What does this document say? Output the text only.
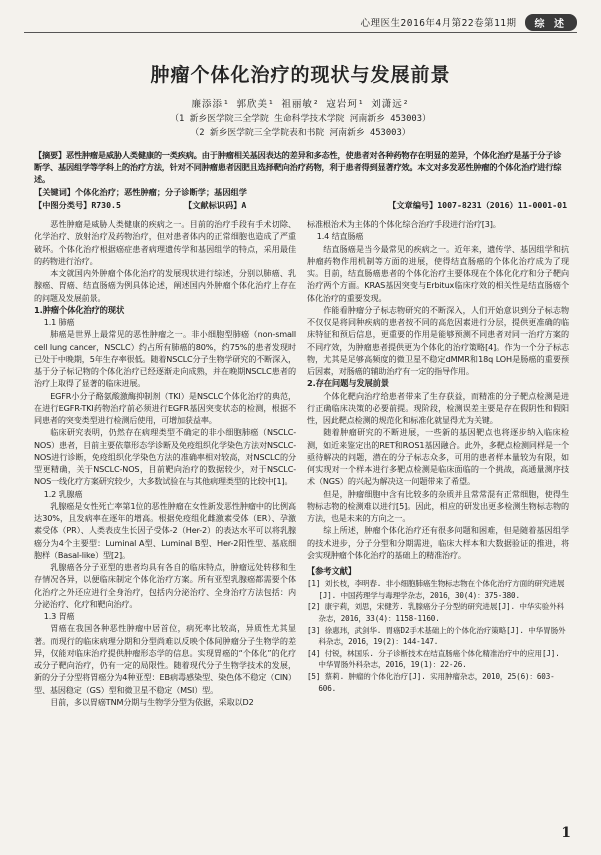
心理医生2016年4月第22卷第11期	综 述
肿瘤个体化治疗的现状与发展前景
廉添添¹ 郭欣美¹ 祖丽敏² 寇岩珂¹ 刘潇远²
（1 新乡医学院三全学院 生命科学技术学院 河南新乡 453003）
（2 新乡医学院三全学院表和书院 河南新乡 453003）
【摘要】恶性肿瘤是威胁人类健康的一类疾病。由于肿瘤相关基因表达的差异和多态性，使患者对各种药物存在明显的差异，个体化治疗是基于分子诊断学、基因组学等学科上的治疗方法，针对不同肿瘤患者因肥且选择靶向治疗药物，利于患者得到显著疗效。本文对多发恶性肿瘤的个体化治疗进行综述。
【关键词】个体化治疗；恶性肿瘤；分子诊断学；基因组学
【中图分类号】R730.5	【文献标识码】A	【文章编号】1007-8231（2016）11-0001-01

恶性肿瘤是威胁人类健康的疾病之一。目前的治疗手段有手术切除、化学治疗、放射治疗及药物治疗，但对患者体内的正常细胞也造成了严重破坏。个体化治疗根据癌症患者病理遗传学和基因组学的特点，采用最佳的药物进行治疗。

本文就国内外肿瘤个体化治疗的发展现状进行综述，分别以肺癌、乳腺癌、胃癌、结直肠癌为例具体论述，阐述国内外肿瘤个体化治疗上存在的问题及发展前景。

1.肿瘤个体化治疗的现状
1.1 肺癌

肺癌是世界上最常见的恶性肿瘤之一。非小细胞型肺癌（non-small cell lung cancer，NSCLC）约占所有肺癌的80%，约75%的患者发现时已处于中晚期，5年生存率很低。随着NSCLC分子生物学研究的不断深入，基于分子标记物的个体化治疗已经逐渐走向成熟，并在晚期NSCLC患者的治疗上取得了显著的临床进展。

EGFR小分子酪氨酸激酶抑制剂（TKI）是NSCLC个体化治疗的典范，在进行EGFR-TKI药物治疗前必须进行EGFR基因突变状态的检测，根据不同患者的突变类型进行检测后使用，可增加获益率。

临床研究表明，仍然存在病理类型不确定的非小细胞肺癌（NSCLC-NOS）患者，目前主要依靠形态学诊断及免疫组织化学染色方法对NSCLC-NOS进行诊断，免疫组织化学染色方法的准确率相对较高，对NSCLC的分型更精确，关于NSCLC-NOS，目前靶向治疗的数据较少，对于NSCLC-NOS一线化疗方案研究较少，大多数试验在与其他病理类型的比较中[1]。

1.2 乳腺癌

乳腺癌是女性死亡率第1位的恶性肿瘤在女性新发恶性肿瘤中的比例高达30%，且发病率在逐年的增高。根据免疫组化雌激素受体（ER）、孕激素受体（PR）、人类表皮生长因子受体-2（Her-2）的表达水平可以将乳腺癌分为4个主要型：Luminal A型、Luminal B型、Her-2阳性型、基底细胞样（Basal-like）型[2]。

乳腺癌各分子亚型的患者均具有各自的临床特点，肿瘤远处转移和生存情况各异，以便临床制定个体化治疗方案。所有亚型乳腺癌都需要个体化治疗之外还应进行全身治疗，包括内分泌治疗、全身治疗方法包括：内分泌治疗、化疗和靶向治疗。

1.3 胃癌

胃癌在我国各种恶性肿瘤中居首位，病死率比较高，异质性尤其显著。而现行的临床病理分期和分型尚难以反映个体间肿瘤分子生物学的差异，仅能对临床治疗提供肿瘤形态学的信息。实现胃癌的“个体化”的化疗或分子靶向治疗，仍有一定的局限性。随着现代分子生物学技术的发展，新的分子分型将胃癌分为4种亚型：EB病毒感染型、染色体不稳定（CIN）型、基因稳定（GS）型和微卫星不稳定（MSI）型。

目前，多以胃癌TNM分期与生物学分型为依据，采取以D2

标准根治术为主体的个体化综合治疗手段进行治疗[3]。

1.4 结直肠癌

结直肠癌是当今最常见的疾病之一。近年来，遗传学、基因组学和抗肿瘤药物作用机制等方面的进展，使得结直肠癌的个体化治疗成为了现实。目前，结直肠癌患者的个体化治疗主要体现在个体化化疗和分子靶向治疗两个方面。KRAS基因突变与Erbitux临床疗效的相关性是结直肠癌个体化治疗的重要发现。

作能看肿瘤分子标志物研究的不断深入，人们开始意识到分子标志物不仅仅是将同种疾病的患者按不同的高危因素进行分层，提供更准确的临床特征和预后信息，更重要的作用是能够预测不同患者对同一治疗方案的不同疗效，为肿瘤患者提供更为个体化的治疗策略[4]。作为一个分子标志物，尤其是足够高频度的微卫星不稳定dMMR和18q LOH是肠癌的重要预后因素，对肠癌的辅助治疗有一定的指导作用。

2.存在问题与发展前景

个体化靶向治疗给患者带来了生存获益，而精准的分子靶点检测是进行正确临床决策的必要前提。现阶段，检测误差主要是存在假阴性和假阳性，因此靶点检测的规范化和标准化就显得尤为关键。

随着肿瘤研究的不断进展，一些新的基因靶点也将逐步纳入临床检测，如近来鉴定出的RET和ROS1基因融合。此外，多靶点检测同样是一个亟待解决的问题，潜在的分子标志众多，可用的患者样本量较为有限，如何实现对一个样本进行多靶点检测是临床面临的一个挑战，高通量测序技术（NGS）的兴起为解决这一问题带来了希望。

但是，肿瘤细胞中含有比较多的杂质并且常常混有正常细胞，使得生物标志物的检测难以进行[5]。因此，相应的研发出更多检测生物标志物的方法，也是未来的方向之一。

综上所述，肿瘤个体化治疗还有很多问题和困难，但是随着基因组学的技术进步，分子分型和分期需进，临床大样本和大数据验证的推进，将会实现肿瘤个体化治疗的基础上的精准治疗。

【参考文献】
[1] 刘长枝，李明春. 非小细胞肺癌生物标志物在个体化治疗方面的研究进展[J]. 中国药理学与毒理学杂志，2016，30(4)：375-380.
[2] 康宇莉，刘思，宋健芳. 乳腺癌分子分型的研究进展[J]. 中华实验外科杂志，2016，33(4)：1158-1160.
[3] 徐惠玮，武剑华. 胃癌D2手术基础上的个体化治疗策略[J]. 中华胃肠外科杂志，2016，19(2)：144-147.
[4] 付锐，林国乐. 分子诊断技术在结直肠癌个体化精准治疗中的应用[J]. 中华胃肠外科杂志，2016，19(1)：22-26.
[5] 蔡莉. 肿瘤的个体化治疗[J]. 实用肿瘤杂志，2010，25(6)：603-606.
1
